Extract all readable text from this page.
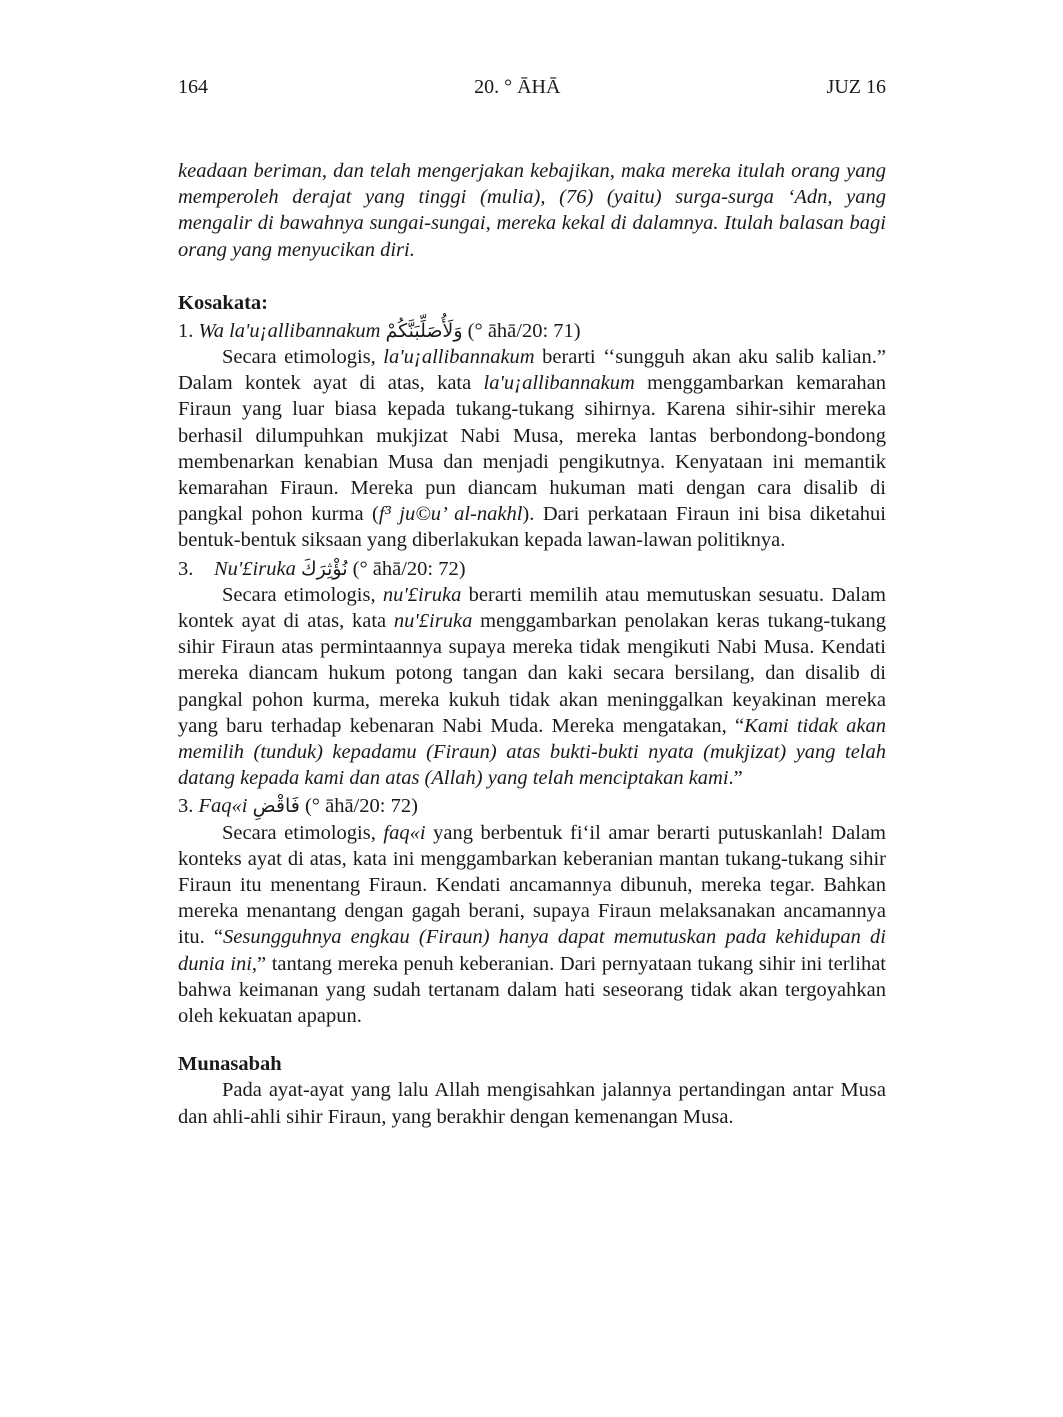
164	20. ° ĀHĀ	JUZ 16

keadaan beriman, dan telah mengerjakan kebajikan, maka mereka itulah orang yang memperoleh derajat yang tinggi (mulia), (76) (yaitu) surga-surga ‘Adn, yang mengalir di bawahnya sungai-sungai, mereka kekal di dalamnya. Itulah balasan bagi orang yang menyucikan diri.

Kosakata:
1. Wa la'u¡allibannakum وَلَأُصَلِّبَنَّكُمْ (° āhā/20: 71)

Secara etimologis, la'u¡allibannakum berarti ‘‘sungguh akan aku salib kalian.” Dalam kontek ayat di atas, kata la'u¡allibannakum menggambarkan kemarahan Firaun yang luar biasa kepada tukang-tukang sihirnya. Karena sihir-sihir mereka berhasil dilumpuhkan mukjizat Nabi Musa, mereka lantas berbondong-bondong membenarkan kenabian Musa dan menjadi pengikutnya. Kenyataan ini memantik kemarahan Firaun. Mereka pun diancam hukuman mati dengan cara disalib di pangkal pohon kurma (f³ ju©u’ al-nakhl). Dari perkataan Firaun ini bisa diketahui bentuk-bentuk siksaan yang diberlakukan kepada lawan-lawan politiknya.

3. Nu'£iruka نُؤْثِرَكَ (° āhā/20: 72)

Secara etimologis, nu'£iruka berarti memilih atau memutuskan sesuatu. Dalam kontek ayat di atas, kata nu'£iruka menggambarkan penolakan keras tukang-tukang sihir Firaun atas permintaannya supaya mereka tidak mengikuti Nabi Musa. Kendati mereka diancam hukum potong tangan dan kaki secara bersilang, dan disalib di pangkal pohon kurma, mereka kukuh tidak akan meninggalkan keyakinan mereka yang baru terhadap kebenaran Nabi Muda. Mereka mengatakan, “Kami tidak akan memilih (tunduk) kepadamu (Firaun) atas bukti-bukti nyata (mukjizat) yang telah datang kepada kami dan atas (Allah) yang telah menciptakan kami.”

3. Faq«i فَاقْضِ (° āhā/20: 72)

Secara etimologis, faq«i yang berbentuk fi‘il amar berarti putuskanlah! Dalam konteks ayat di atas, kata ini menggambarkan keberanian mantan tukang-tukang sihir Firaun itu menentang Firaun. Kendati ancamannya dibunuh, mereka tegar. Bahkan mereka menantang dengan gagah berani, supaya Firaun melaksanakan ancamannya itu. “Sesungguhnya engkau (Firaun) hanya dapat memutuskan pada kehidupan di dunia ini,” tantang mereka penuh keberanian. Dari pernyataan tukang sihir ini terlihat bahwa keimanan yang sudah tertanam dalam hati seseorang tidak akan tergoyahkan oleh kekuatan apapun.

Munasabah

Pada ayat-ayat yang lalu Allah mengisahkan jalannya pertandingan antar Musa dan ahli-ahli sihir Firaun, yang berakhir dengan kemenangan Musa.
